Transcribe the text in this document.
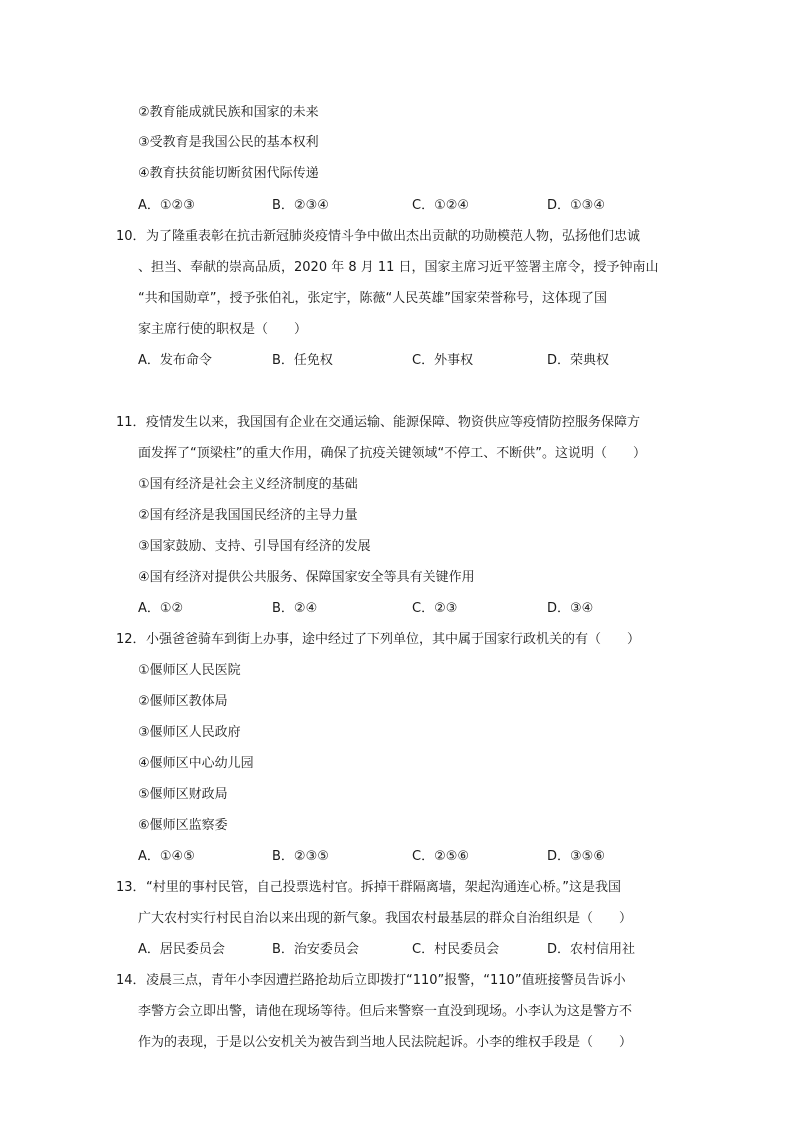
②教育能成就民族和国家的未来
③受教育是我国公民的基本权利
④教育扶贫能切断贫困代际传递
A．①②③	B．②③④	C．①②④	D．①③④
10． 为了隆重表彰在抗击新冠肺炎疫情斗争中做出杰出贡献的功勋模范人物，弘扬他们忠诚
、担当、奉献的崇高品质，2020 年 8 月 11 日，国家主席习近平签署主席令，授予钟南山
“共和国勋章”，授予张伯礼，张定宇，陈薇“人民英雄”国家荣誉称号，这体现了国
家主席行使的职权是（　　）
A．发布命令	B．任免权	C．外事权	D．荣典权
11． 疫情发生以来，我国国有企业在交通运输、能源保障、物资供应等疫情防控服务保障方
面发挥了“顶梁柱”的重大作用，确保了抗疫关键领域“不停工、不断供”。这说明（　　）
①国有经济是社会主义经济制度的基础
②国有经济是我国国民经济的主导力量
③国家鼓励、支持、引导国有经济的发展
④国有经济对提供公共服务、保障国家安全等具有关键作用
A．①②	B．②④	C．②③	D．③④
12． 小强爸爸骑车到街上办事，途中经过了下列单位，其中属于国家行政机关的有（　　）
①偃师区人民医院
②偃师区教体局
③偃师区人民政府
④偃师区中心幼儿园
⑤偃师区财政局
⑥偃师区监察委
A．①④⑤	B．②③⑤	C．②⑤⑥	D．③⑤⑥
13． “村里的事村民管，自己投票选村官。拆掉干群隔离墙，架起沟通连心桥。”这是我国
广大农村实行村民自治以来出现的新气象。我国农村最基层的群众自治组织是（　　）
A．居民委员会	B．治安委员会	C．村民委员会	D．农村信用社
14． 凌晨三点，青年小李因遭拦路抢劫后立即拨打“110”报警，“110”值班接警员告诉小
李警方会立即出警，请他在现场等待。但后来警察一直没到现场。小李认为这是警方不
作为的表现，于是以公安机关为被告到当地人民法院起诉。小李的维权手段是（　　）
